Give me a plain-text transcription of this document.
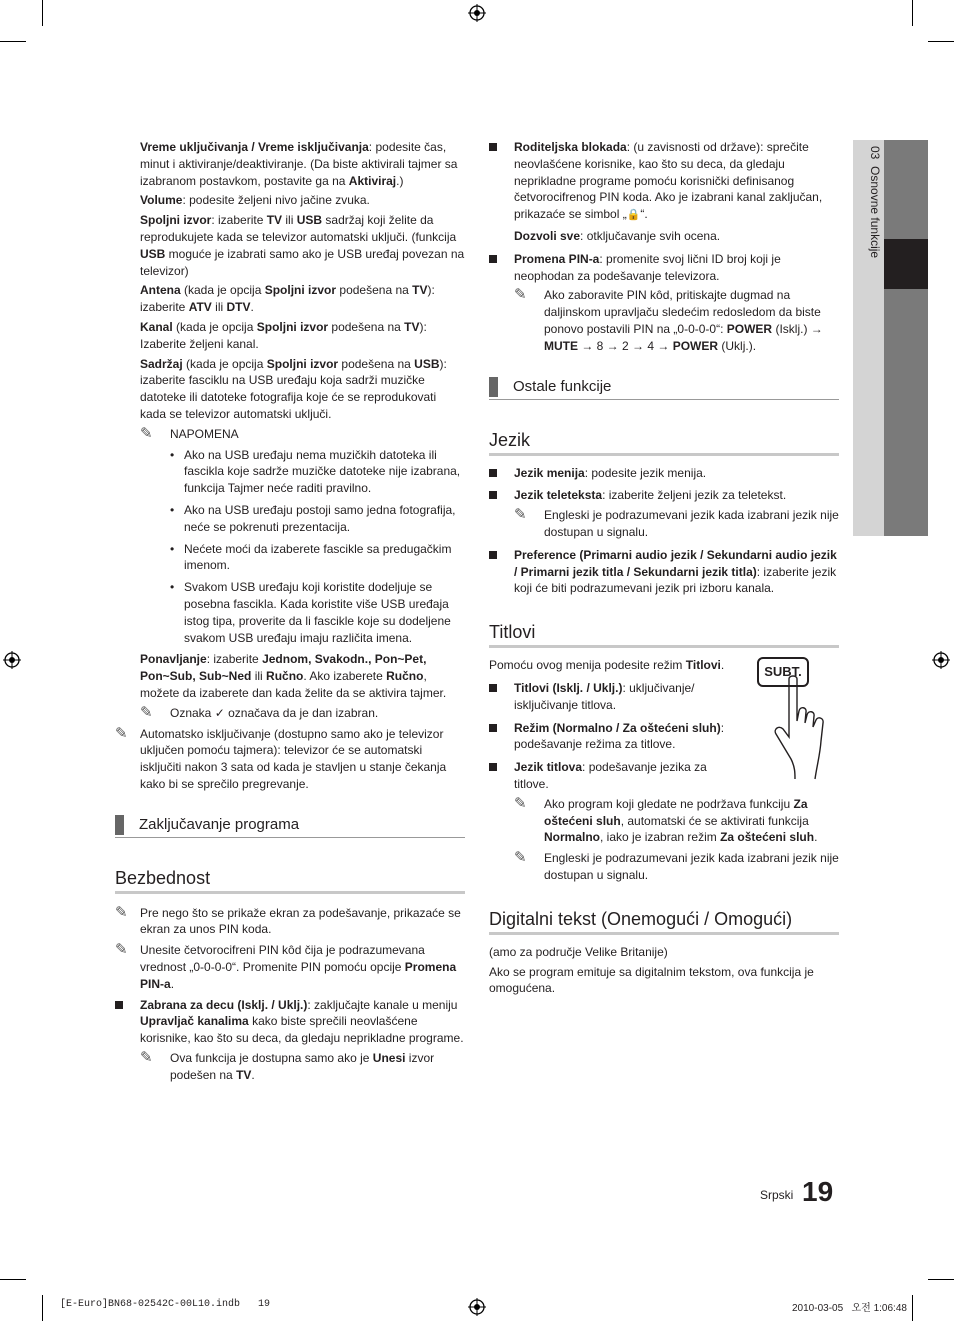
03  Osnovne funkcije

Vreme uključivanja / Vreme isključivanja: podesite čas, minut i aktiviranje/deaktiviranje. (Da biste aktivirali tajmer sa izabranom postavkom, postavite ga na Aktiviraj.)

Volume: podesite željeni nivo jačine zvuka.

Spoljni izvor: izaberite TV ili USB sadržaj koji želite da reprodukujete kada se televizor automatski uključi. (funkcija USB moguće je izabrati samo ako je USB uređaj povezan na televizor)

Antena (kada je opcija Spoljni izvor podešena na TV): izaberite ATV ili DTV.

Kanal (kada je opcija Spoljni izvor podešena na TV): Izaberite željeni kanal.

Sadržaj (kada je opcija Spoljni izvor podešena na USB): izaberite fasciklu na USB uređaju koja sadrži muzičke datoteke ili datoteke fotografija koje će se reprodukovati kada se televizor automatski uključi.

✎ NAPOMENA
• Ako na USB uređaju nema muzičkih datoteka ili fascikla koje sadrže muzičke datoteke nije izabrana, funkcija Tajmer neće raditi pravilno.
• Ako na USB uređaju postoji samo jedna fotografija, neće se pokrenuti prezentacija.
• Nećete moći da izaberete fascikle sa predugačkim imenom.
• Svakom USB uređaju koji koristite dodeljuje se posebna fascikla. Kada koristite više USB uređaja istog tipa, proverite da li fascikle koje su dodeljene svakom USB uređaju imaju različita imena.

Ponavljanje: izaberite Jednom, Svakodn., Pon~Pet, Pon~Sub, Sub~Ned ili Ručno. Ako izaberete Ručno, možete da izaberete dan kada želite da se aktivira tajmer.

✎ Oznaka ✓ označava da je dan izabran.
✎ Automatsko isključivanje (dostupno samo ako je televizor uključen pomoću tajmera): televizor će se automatski isključiti nakon 3 sata od kada je stavljen u stanje čekanja kako bi se sprečilo pregrevanje.
Zaključavanje programa
Bezbednost
✎ Pre nego što se prikaže ekran za podešavanje, prikazaće se ekran za unos PIN koda.
✎ Unesite četvorocifreni PIN kôd čija je podrazumevana vrednost „0-0-0-0“. Promenite PIN pomoću opcije Promena PIN-a.
Zabrana za decu (Isklj. / Uklj.): zaključajte kanale u meniju Upravljač kanalima kako biste sprečili neovlašćene korisnike, kao što su deca, da gledaju neprikladne programe.
✎ Ova funkcija je dostupna samo ako je Unesi izvor podešen na TV.
Roditeljska blokada: (u zavisnosti od države): sprečite neovlašćene korisnike, kao što su deca, da gledaju neprikladne programe pomoću korisnički definisanog četvorocifrenog PIN koda. Ako je izabrani kanal zaključan, prikazaće se simbol „🔒“.

Dozvoli sve: otključavanje svih ocena.

Promena PIN-a: promenite svoj lični ID broj koji je neophodan za podešavanje televizora.
✎ Ako zaboravite PIN kôd, pritiskajte dugmad na daljinskom upravljaču sledećim redosledom da biste ponovo postavili PIN na „0-0-0-0“: POWER (Isklj.) → MUTE → 8 → 2 → 4 → POWER (Uklj.).
Ostale funkcije
Jezik
Jezik menija: podesite jezik menija.
Jezik teleteksta: izaberite željeni jezik za teletekst.
✎ Engleski je podrazumevani jezik kada izabrani jezik nije dostupan u signalu.
Preference (Primarni audio jezik / Sekundarni audio jezik / Primarni jezik titla / Sekundarni jezik titla): izaberite jezik koji će biti podrazumevani jezik pri izboru kanala.
Titlovi
SUBT.

Pomoću ovog menija podesite režim Titlovi.

Titlovi (Isklj. / Uklj.): uključivanje/ isključivanje titlova.
Režim (Normalno / Za oštećeni sluh): podešavanje režima za titlove.
Jezik titlova: podešavanje jezika za titlove.
✎ Ako program koji gledate ne podržava funkciju Za oštećeni sluh, automatski će se aktivirati funkcija Normalno, iako je izabran režim Za oštećeni sluh.
✎ Engleski je podrazumevani jezik kada izabrani jezik nije dostupan u signalu.
Digitalni tekst (Onemogući / Omogući)

(amo za područje Velike Britanije)

Ako se program emituje sa digitalnim tekstom, ova funkcija je omogućena.

Srpski 19
[E-Euro]BN68-02542C-00L10.indb   19	2010-03-05   오전 1:06:48
